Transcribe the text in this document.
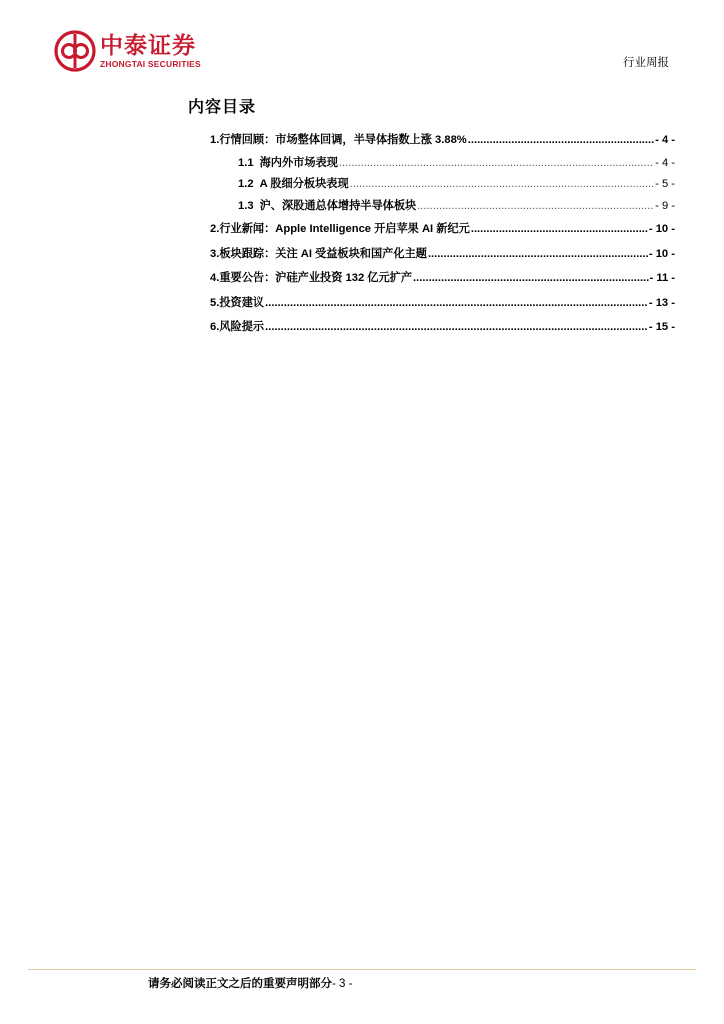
中泰证券
ZHONGTAI SECURITIES	行业周报
内容目录
1. 行情回顾：市场整体回调，半导体指数上涨 3.88% .....	- 4 -
1.1 海内外市场表现 .....	- 4 -
1.2 A 股细分板块表现 .....	- 5 -
1.3 沪、深股通总体增持半导体板块 .....	- 9 -
2. 行业新闻：Apple Intelligence 开启苹果 AI 新纪元 .....	- 10 -
3. 板块跟踪：关注 AI 受益板块和国产化主题 .....	- 10 -
4. 重要公告：沪硅产业投资 132 亿元扩产 .....	- 11 -
5. 投资建议 .....	- 13 -
6. 风险提示 .....	- 15 -
请务必阅读正文之后的重要声明部分- 3 -
